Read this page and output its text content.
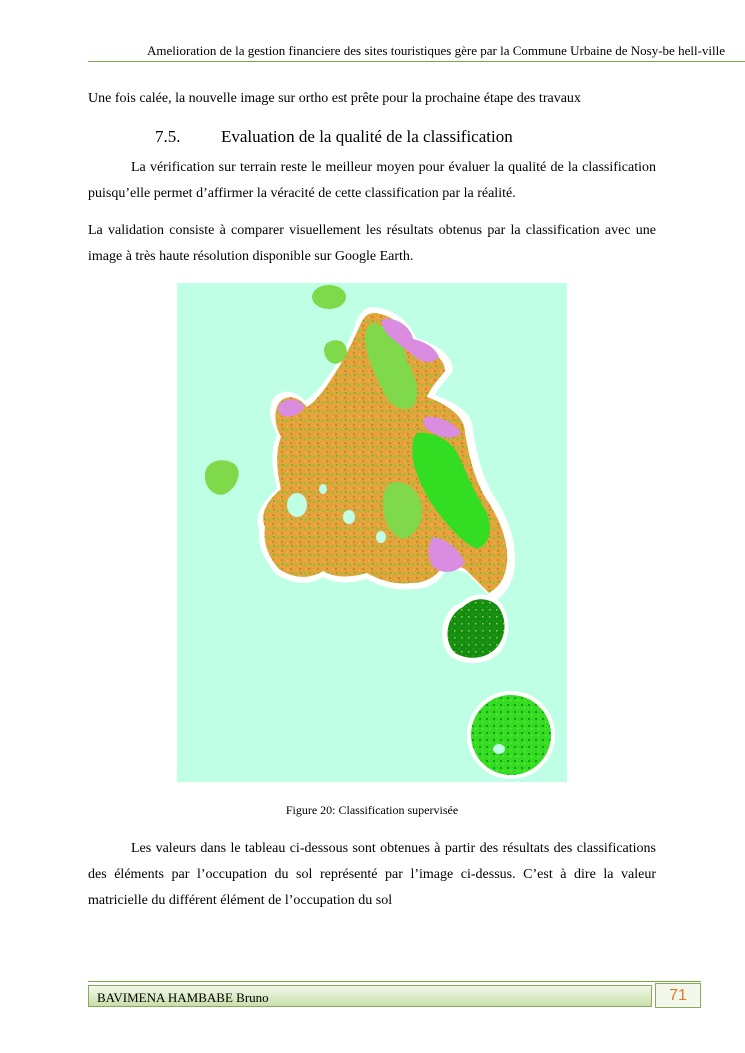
Amelioration de la gestion financiere des sites touristiques gère par la Commune Urbaine de Nosy-be hell-ville
Une fois calée, la nouvelle image sur ortho est prête pour la prochaine étape des travaux
7.5. Evaluation de la qualité de la classification
La vérification sur terrain reste le meilleur moyen pour évaluer la qualité de la classification puisqu’elle permet d’affirmer la véracité de cette classification par la réalité.
La validation consiste à comparer visuellement les résultats obtenus par la classification avec une image à très haute résolution disponible sur Google Earth.
Figure 20: Classification supervisée
Les valeurs dans le tableau ci-dessous sont obtenues à partir des résultats des classifications des éléments par l’occupation du sol représenté par l’image ci-dessus. C’est à dire la valeur matricielle du différent élément de l’occupation du sol
BAVIMENA HAMBABE Bruno	71
